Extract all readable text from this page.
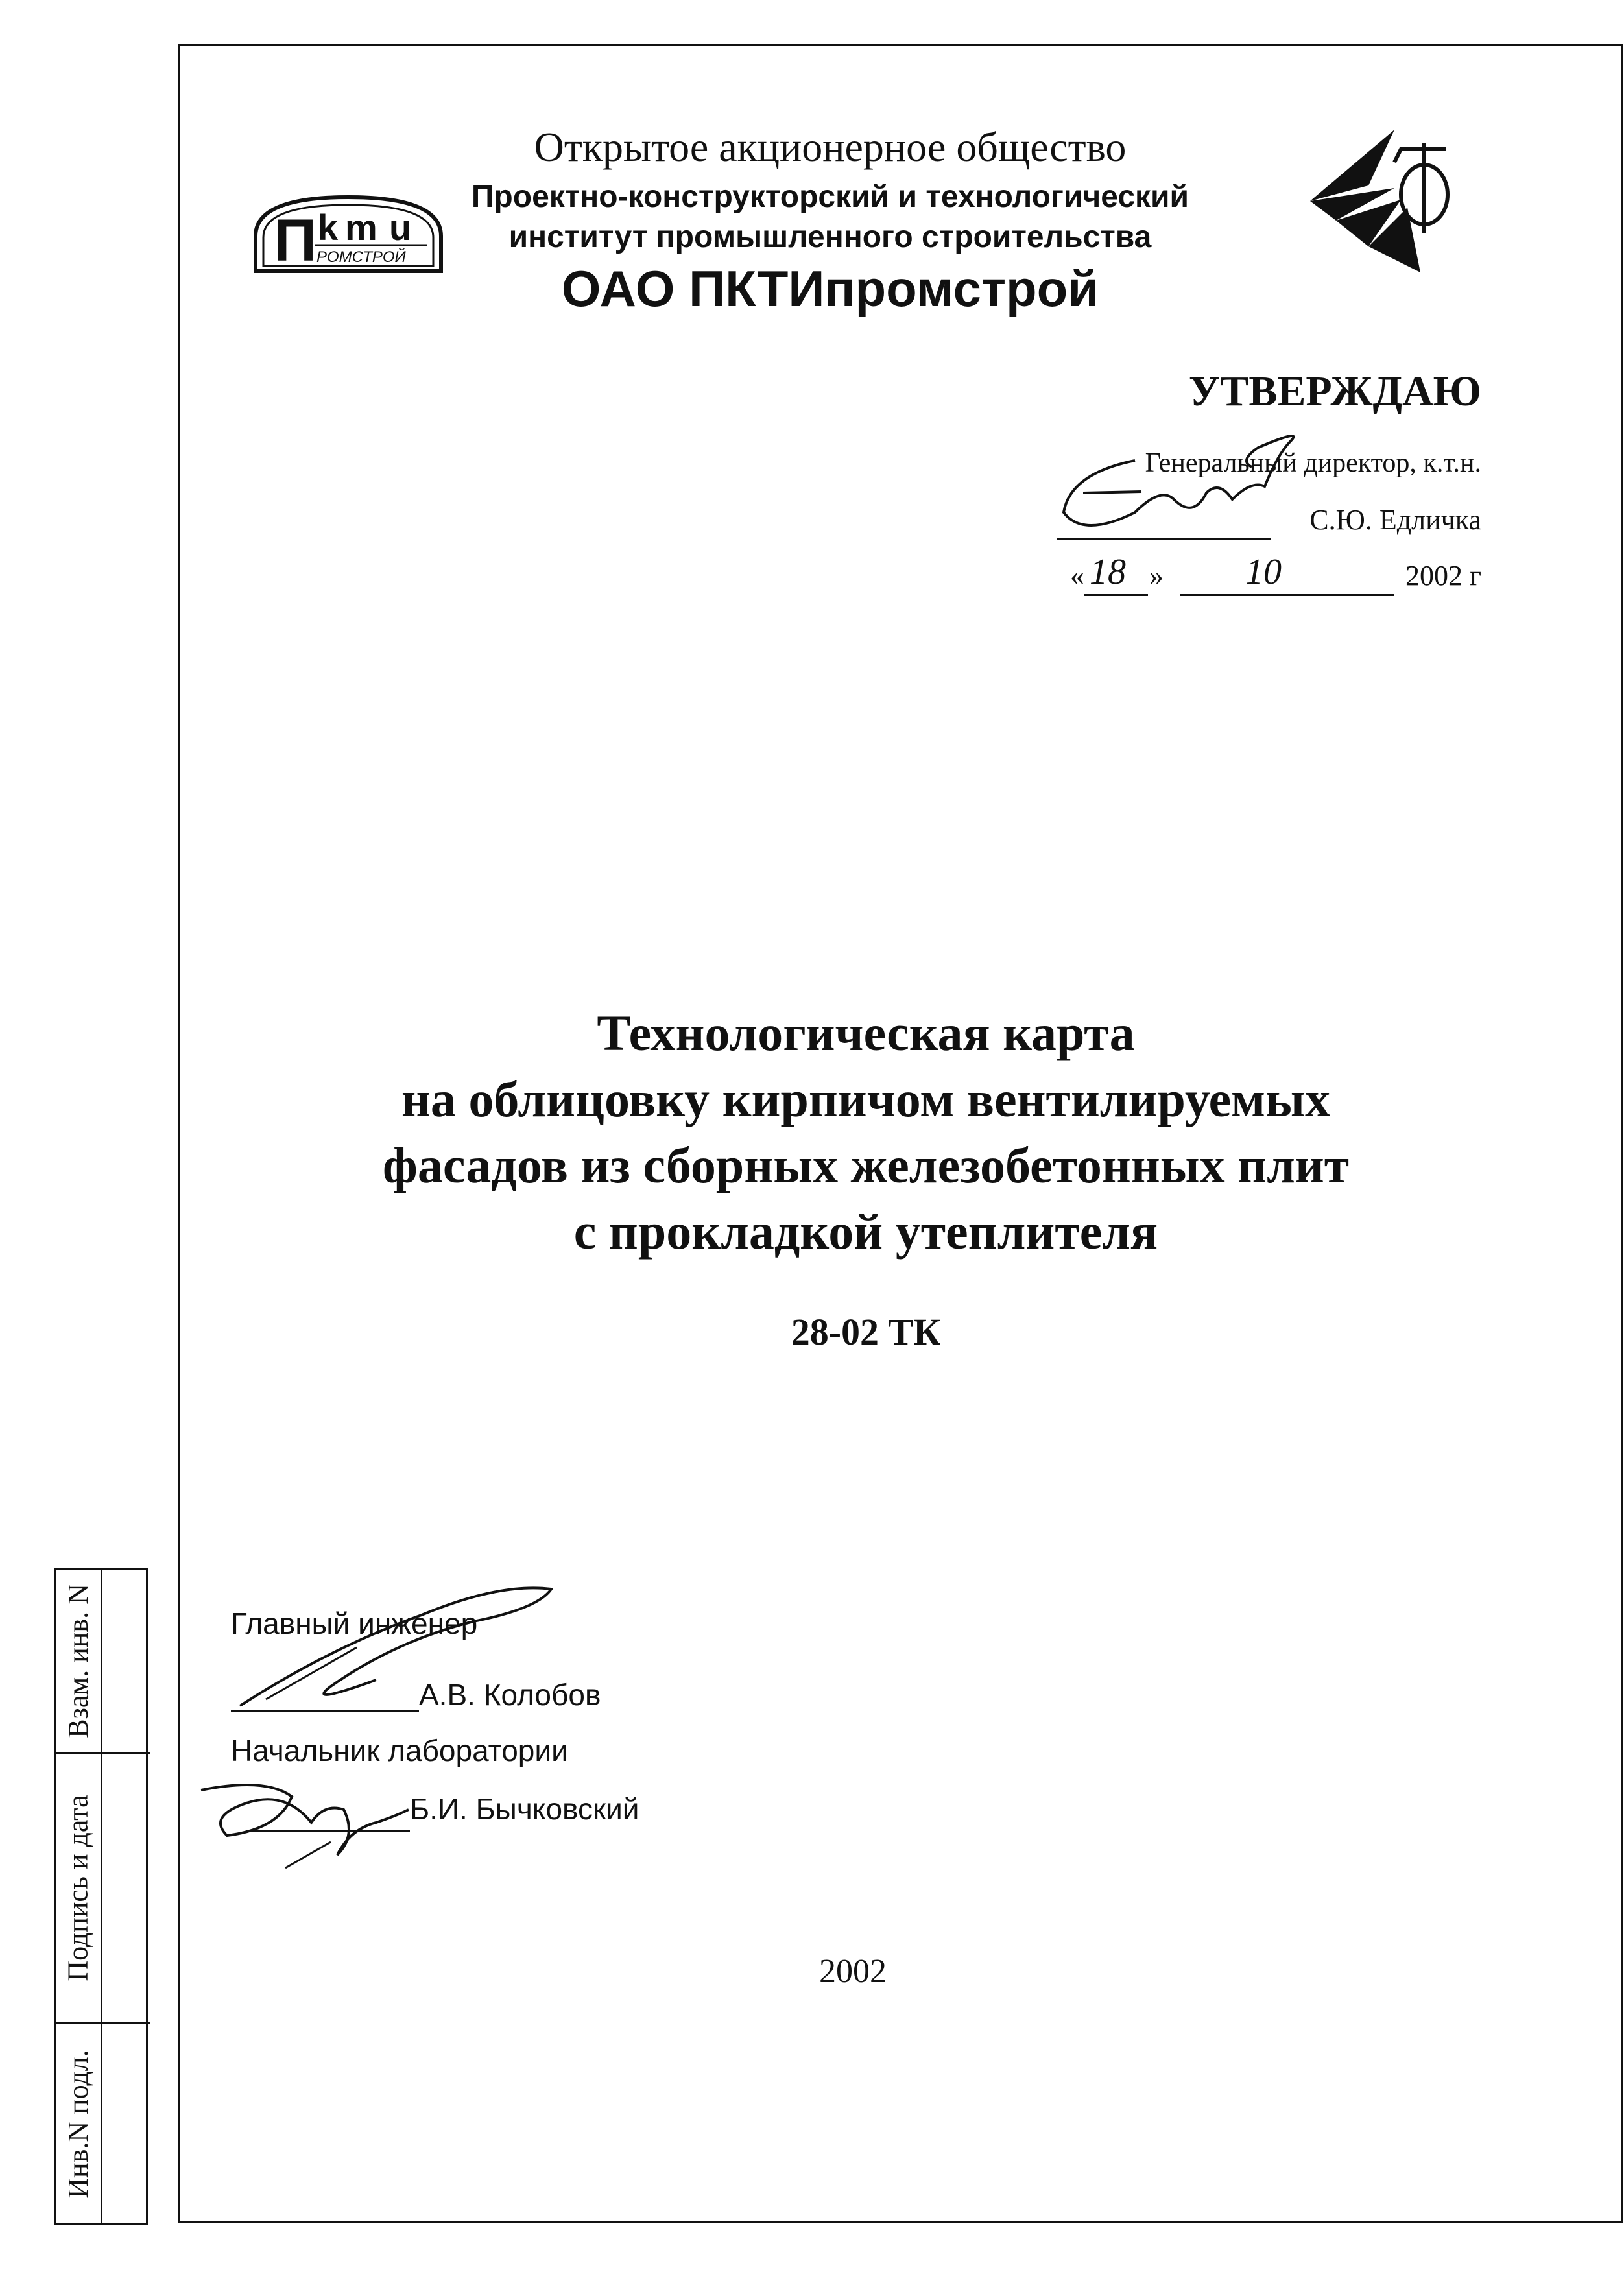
Взам. инв. N
Подпись и дата
Инв.N подл.
П k m u
РОМСТРОЙ
Открытое акционерное общество
Проектно-конструкторский и технологический
институт промышленного строительства
ОАО ПКТИпромстрой
УТВЕРЖДАЮ
Генеральный директор, к.т.н.
С.Ю. Едличка
« 18 » 10	2002 г
Технологическая карта
на облицовку кирпичом вентилируемых
фасадов из сборных железобетонных плит
с прокладкой утеплителя
28-02 ТК
Главный инженер
А.В. Колобов
Начальник лаборатории
Б.И. Бычковский
2002
